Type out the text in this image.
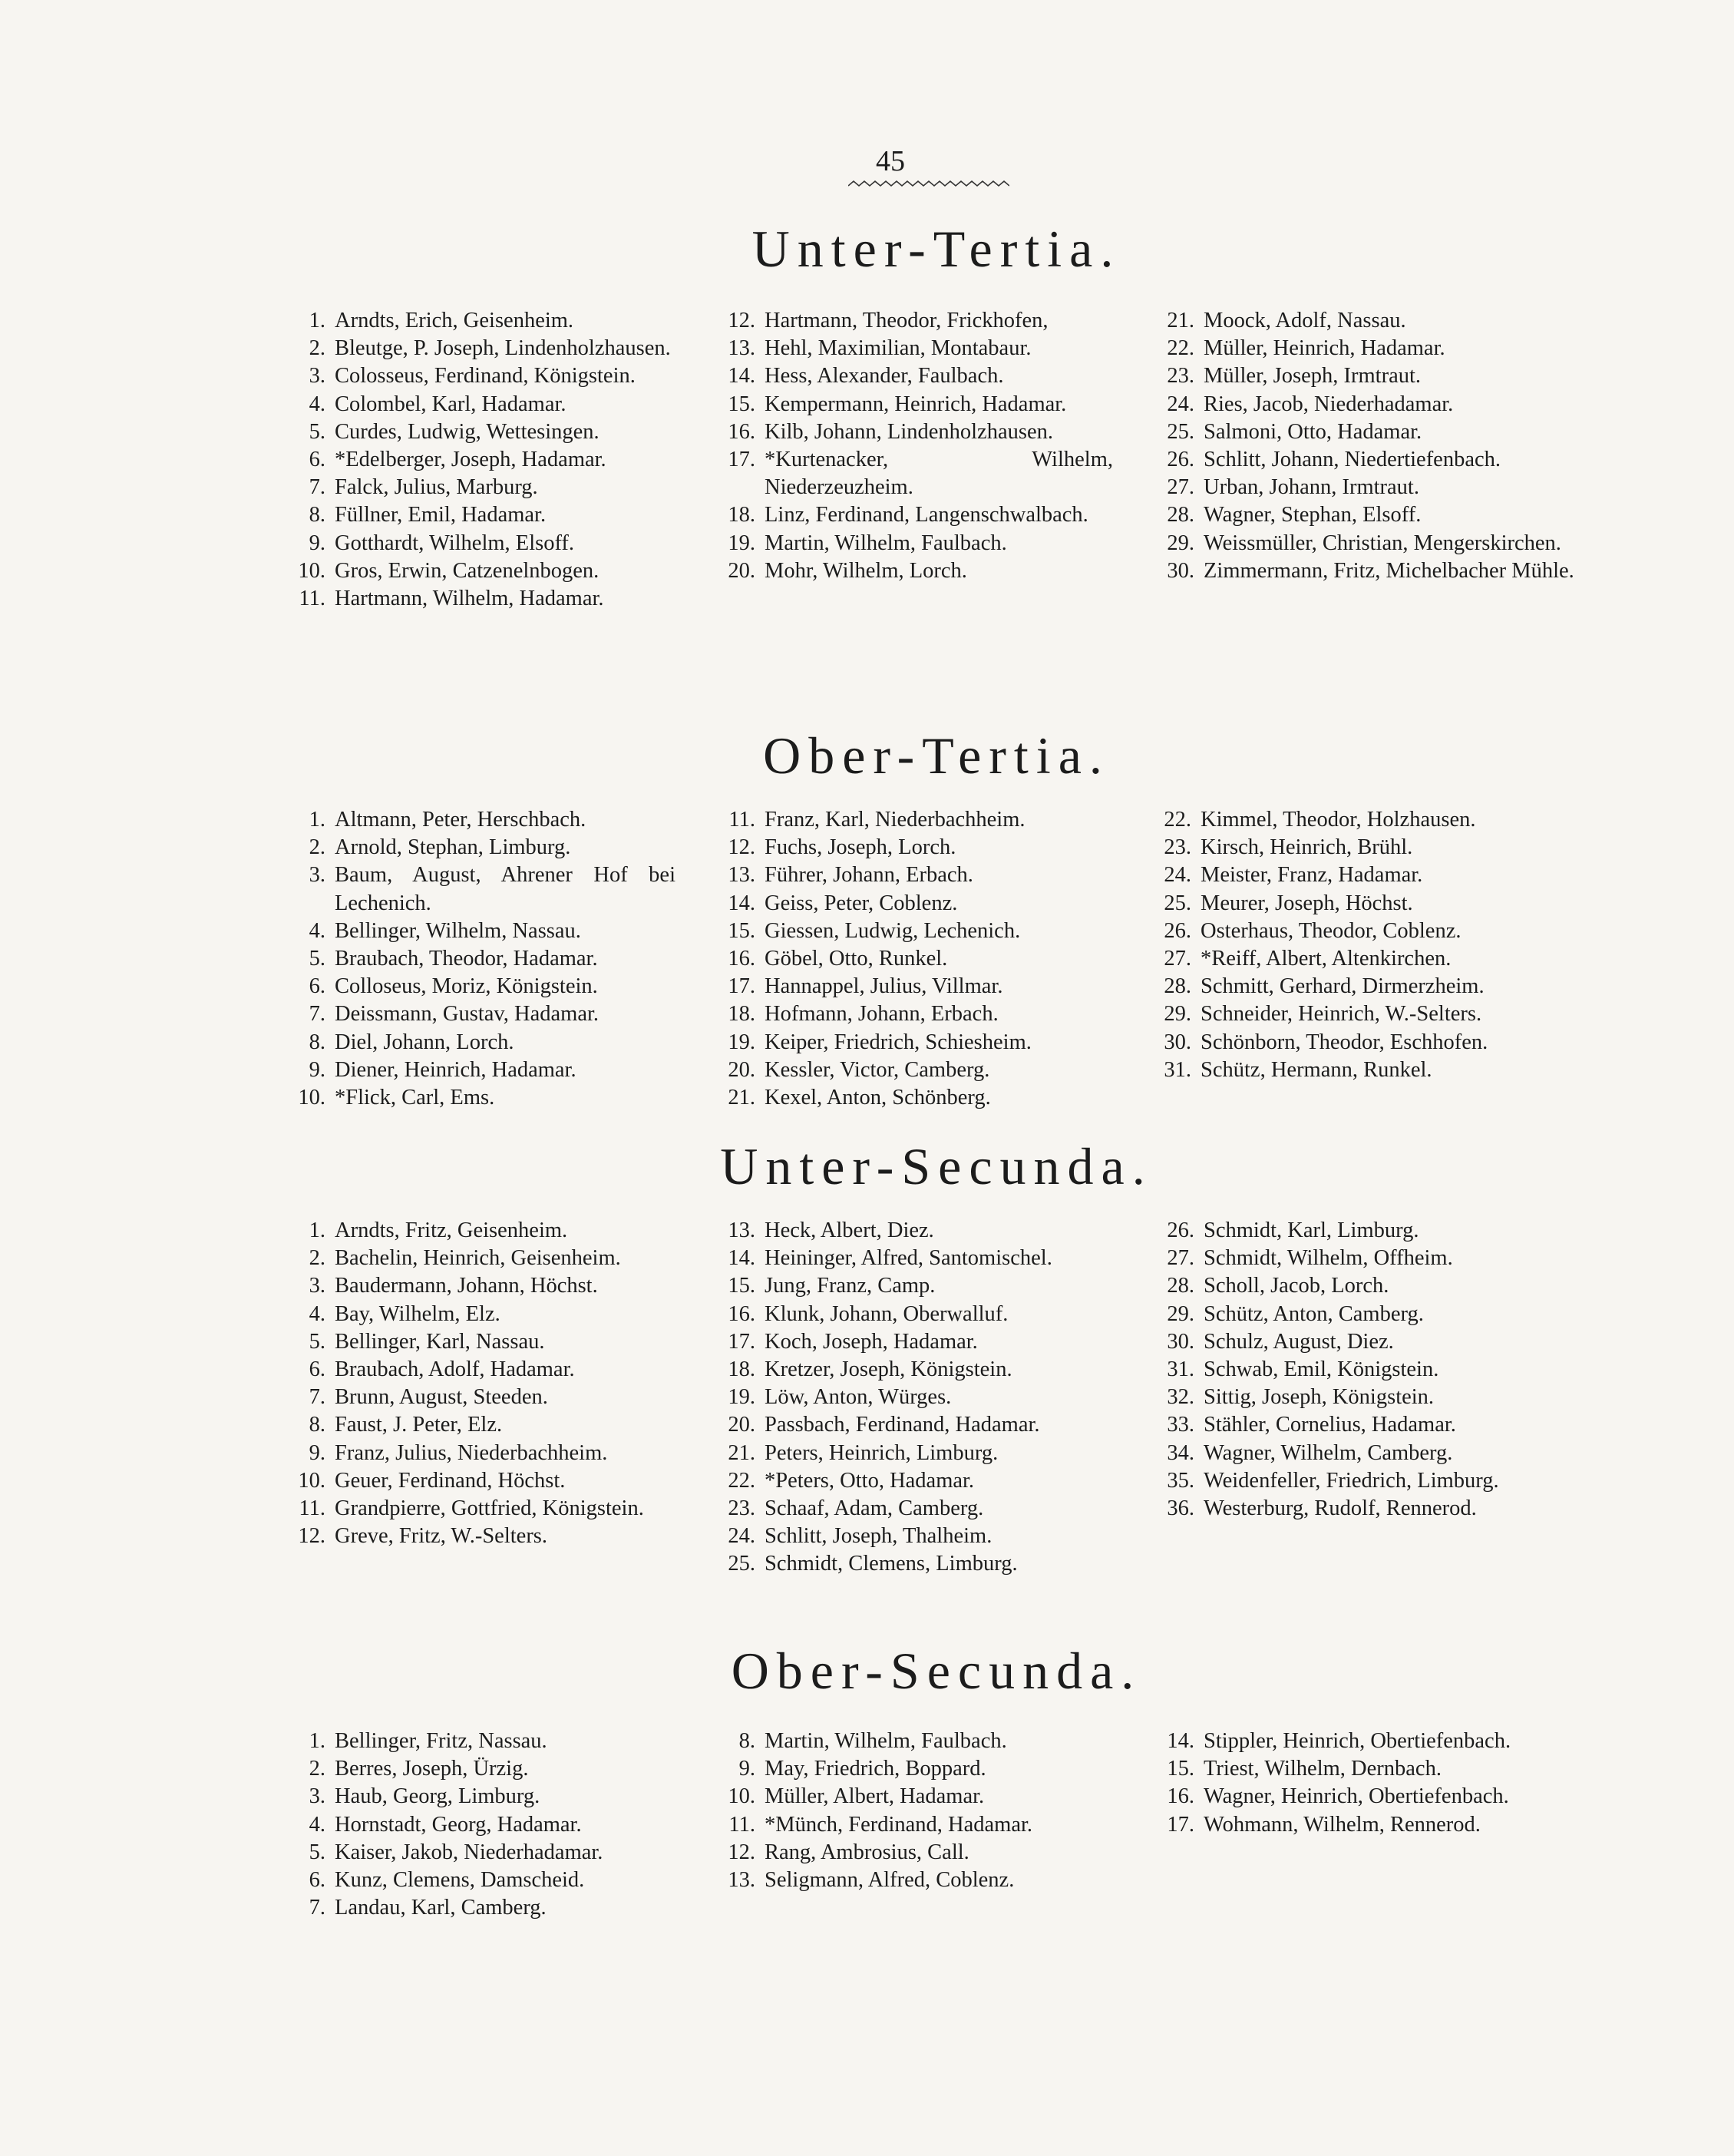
45
Unter-Tertia.
1. Arndts, Erich, Geisenheim.
2. Bleutge, P. Joseph, Lindenholzhausen.
3. Colosseus, Ferdinand, Königstein.
4. Colombel, Karl, Hadamar.
5. Curdes, Ludwig, Wettesingen.
6. *Edelberger, Joseph, Hadamar.
7. Falck, Julius, Marburg.
8. Füllner, Emil, Hadamar.
9. Gotthardt, Wilhelm, Elsoff.
10. Gros, Erwin, Catzenelnbogen.
11. Hartmann, Wilhelm, Hadamar.
12. Hartmann, Theodor, Frickhofen,
13. Hehl, Maximilian, Montabaur.
14. Hess, Alexander, Faulbach.
15. Kempermann, Heinrich, Hadamar.
16. Kilb, Johann, Lindenholzhausen.
17. *Kurtenacker, Wilhelm, Niederzeuzheim.
18. Linz, Ferdinand, Langenschwalbach.
19. Martin, Wilhelm, Faulbach.
20. Mohr, Wilhelm, Lorch.
21. Moock, Adolf, Nassau.
22. Müller, Heinrich, Hadamar.
23. Müller, Joseph, Irmtraut.
24. Ries, Jacob, Niederhadamar.
25. Salmoni, Otto, Hadamar.
26. Schlitt, Johann, Niedertiefenbach.
27. Urban, Johann, Irmtraut.
28. Wagner, Stephan, Elsoff.
29. Weissmüller, Christian, Mengerskirchen.
30. Zimmermann, Fritz, Michelbacher Mühle.
Ober-Tertia.
1. Altmann, Peter, Herschbach.
2. Arnold, Stephan, Limburg.
3. Baum, August, Ahrener Hof bei Lechenich.
4. Bellinger, Wilhelm, Nassau.
5. Braubach, Theodor, Hadamar.
6. Colloseus, Moriz, Königstein.
7. Deissmann, Gustav, Hadamar.
8. Diel, Johann, Lorch.
9. Diener, Heinrich, Hadamar.
10. *Flick, Carl, Ems.
11. Franz, Karl, Niederbachheim.
12. Fuchs, Joseph, Lorch.
13. Führer, Johann, Erbach.
14. Geiss, Peter, Coblenz.
15. Giessen, Ludwig, Lechenich.
16. Göbel, Otto, Runkel.
17. Hannappel, Julius, Villmar.
18. Hofmann, Johann, Erbach.
19. Keiper, Friedrich, Schiesheim.
20. Kessler, Victor, Camberg.
21. Kexel, Anton, Schönberg.
22. Kimmel, Theodor, Holzhausen.
23. Kirsch, Heinrich, Brühl.
24. Meister, Franz, Hadamar.
25. Meurer, Joseph, Höchst.
26. Osterhaus, Theodor, Coblenz.
27. *Reiff, Albert, Altenkirchen.
28. Schmitt, Gerhard, Dirmerzheim.
29. Schneider, Heinrich, W.-Selters.
30. Schönborn, Theodor, Eschhofen.
31. Schütz, Hermann, Runkel.
Unter-Secunda.
1. Arndts, Fritz, Geisenheim.
2. Bachelin, Heinrich, Geisenheim.
3. Baudermann, Johann, Höchst.
4. Bay, Wilhelm, Elz.
5. Bellinger, Karl, Nassau.
6. Braubach, Adolf, Hadamar.
7. Brunn, August, Steeden.
8. Faust, J. Peter, Elz.
9. Franz, Julius, Niederbachheim.
10. Geuer, Ferdinand, Höchst.
11. Grandpierre, Gottfried, Königstein.
12. Greve, Fritz, W.-Selters.
13. Heck, Albert, Diez.
14. Heininger, Alfred, Santomischel.
15. Jung, Franz, Camp.
16. Klunk, Johann, Oberwalluf.
17. Koch, Joseph, Hadamar.
18. Kretzer, Joseph, Königstein.
19. Löw, Anton, Würges.
20. Passbach, Ferdinand, Hadamar.
21. Peters, Heinrich, Limburg.
22. *Peters, Otto, Hadamar.
23. Schaaf, Adam, Camberg.
24. Schlitt, Joseph, Thalheim.
25. Schmidt, Clemens, Limburg.
26. Schmidt, Karl, Limburg.
27. Schmidt, Wilhelm, Offheim.
28. Scholl, Jacob, Lorch.
29. Schütz, Anton, Camberg.
30. Schulz, August, Diez.
31. Schwab, Emil, Königstein.
32. Sittig, Joseph, Königstein.
33. Stähler, Cornelius, Hadamar.
34. Wagner, Wilhelm, Camberg.
35. Weidenfeller, Friedrich, Limburg.
36. Westerburg, Rudolf, Rennerod.
Ober-Secunda.
1. Bellinger, Fritz, Nassau.
2. Berres, Joseph, Ürzig.
3. Haub, Georg, Limburg.
4. Hornstadt, Georg, Hadamar.
5. Kaiser, Jakob, Niederhadamar.
6. Kunz, Clemens, Damscheid.
7. Landau, Karl, Camberg.
8. Martin, Wilhelm, Faulbach.
9. May, Friedrich, Boppard.
10. Müller, Albert, Hadamar.
11. *Münch, Ferdinand, Hadamar.
12. Rang, Ambrosius, Call.
13. Seligmann, Alfred, Coblenz.
14. Stippler, Heinrich, Obertiefenbach.
15. Triest, Wilhelm, Dernbach.
16. Wagner, Heinrich, Obertiefenbach.
17. Wohmann, Wilhelm, Rennerod.
